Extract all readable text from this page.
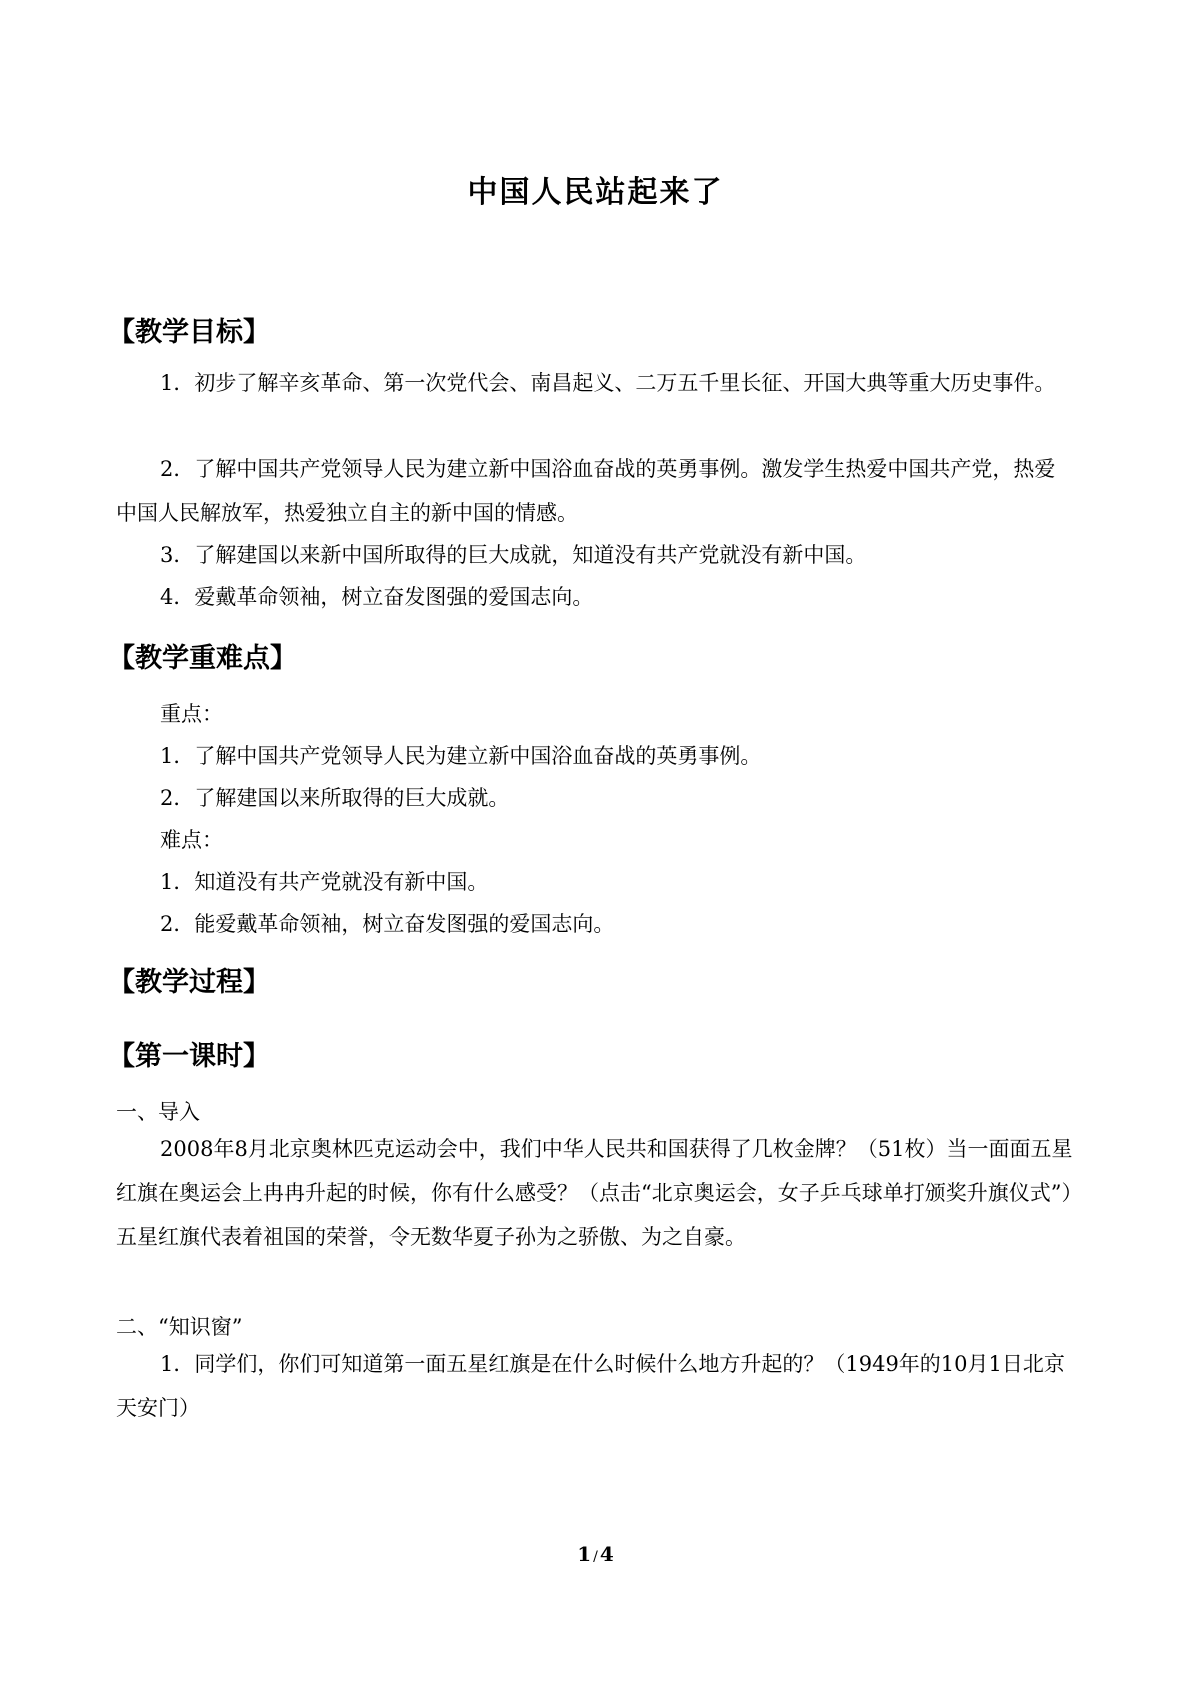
中国人民站起来了
【教学目标】

1．初步了解辛亥革命、第一次党代会、南昌起义、二万五千里长征、开国大典等重大历史事件。

2．了解中国共产党领导人民为建立新中国浴血奋战的英勇事例。激发学生热爱中国共产党，热爱中国人民解放军，热爱独立自主的新中国的情感。

3．了解建国以来新中国所取得的巨大成就，知道没有共产党就没有新中国。

4．爱戴革命领袖，树立奋发图强的爱国志向。

【教学重难点】
重点：
1．了解中国共产党领导人民为建立新中国浴血奋战的英勇事例。
2．了解建国以来所取得的巨大成就。
难点：
1．知道没有共产党就没有新中国。
2．能爱戴革命领袖，树立奋发图强的爱国志向。
【教学过程】
【第一课时】
一、导入

2008年8月北京奥林匹克运动会中，我们中华人民共和国获得了几枚金牌？（51枚）当一面面五星红旗在奥运会上冉冉升起的时候，你有什么感受？（点击“北京奥运会，女子乒乓球单打颁奖升旗仪式”）五星红旗代表着祖国的荣誉，令无数华夏子孙为之骄傲、为之自豪。

二、“知识窗”

1．同学们，你们可知道第一面五星红旗是在什么时候什么地方升起的？（1949年的10月1日北京天安门）

1 / 4
